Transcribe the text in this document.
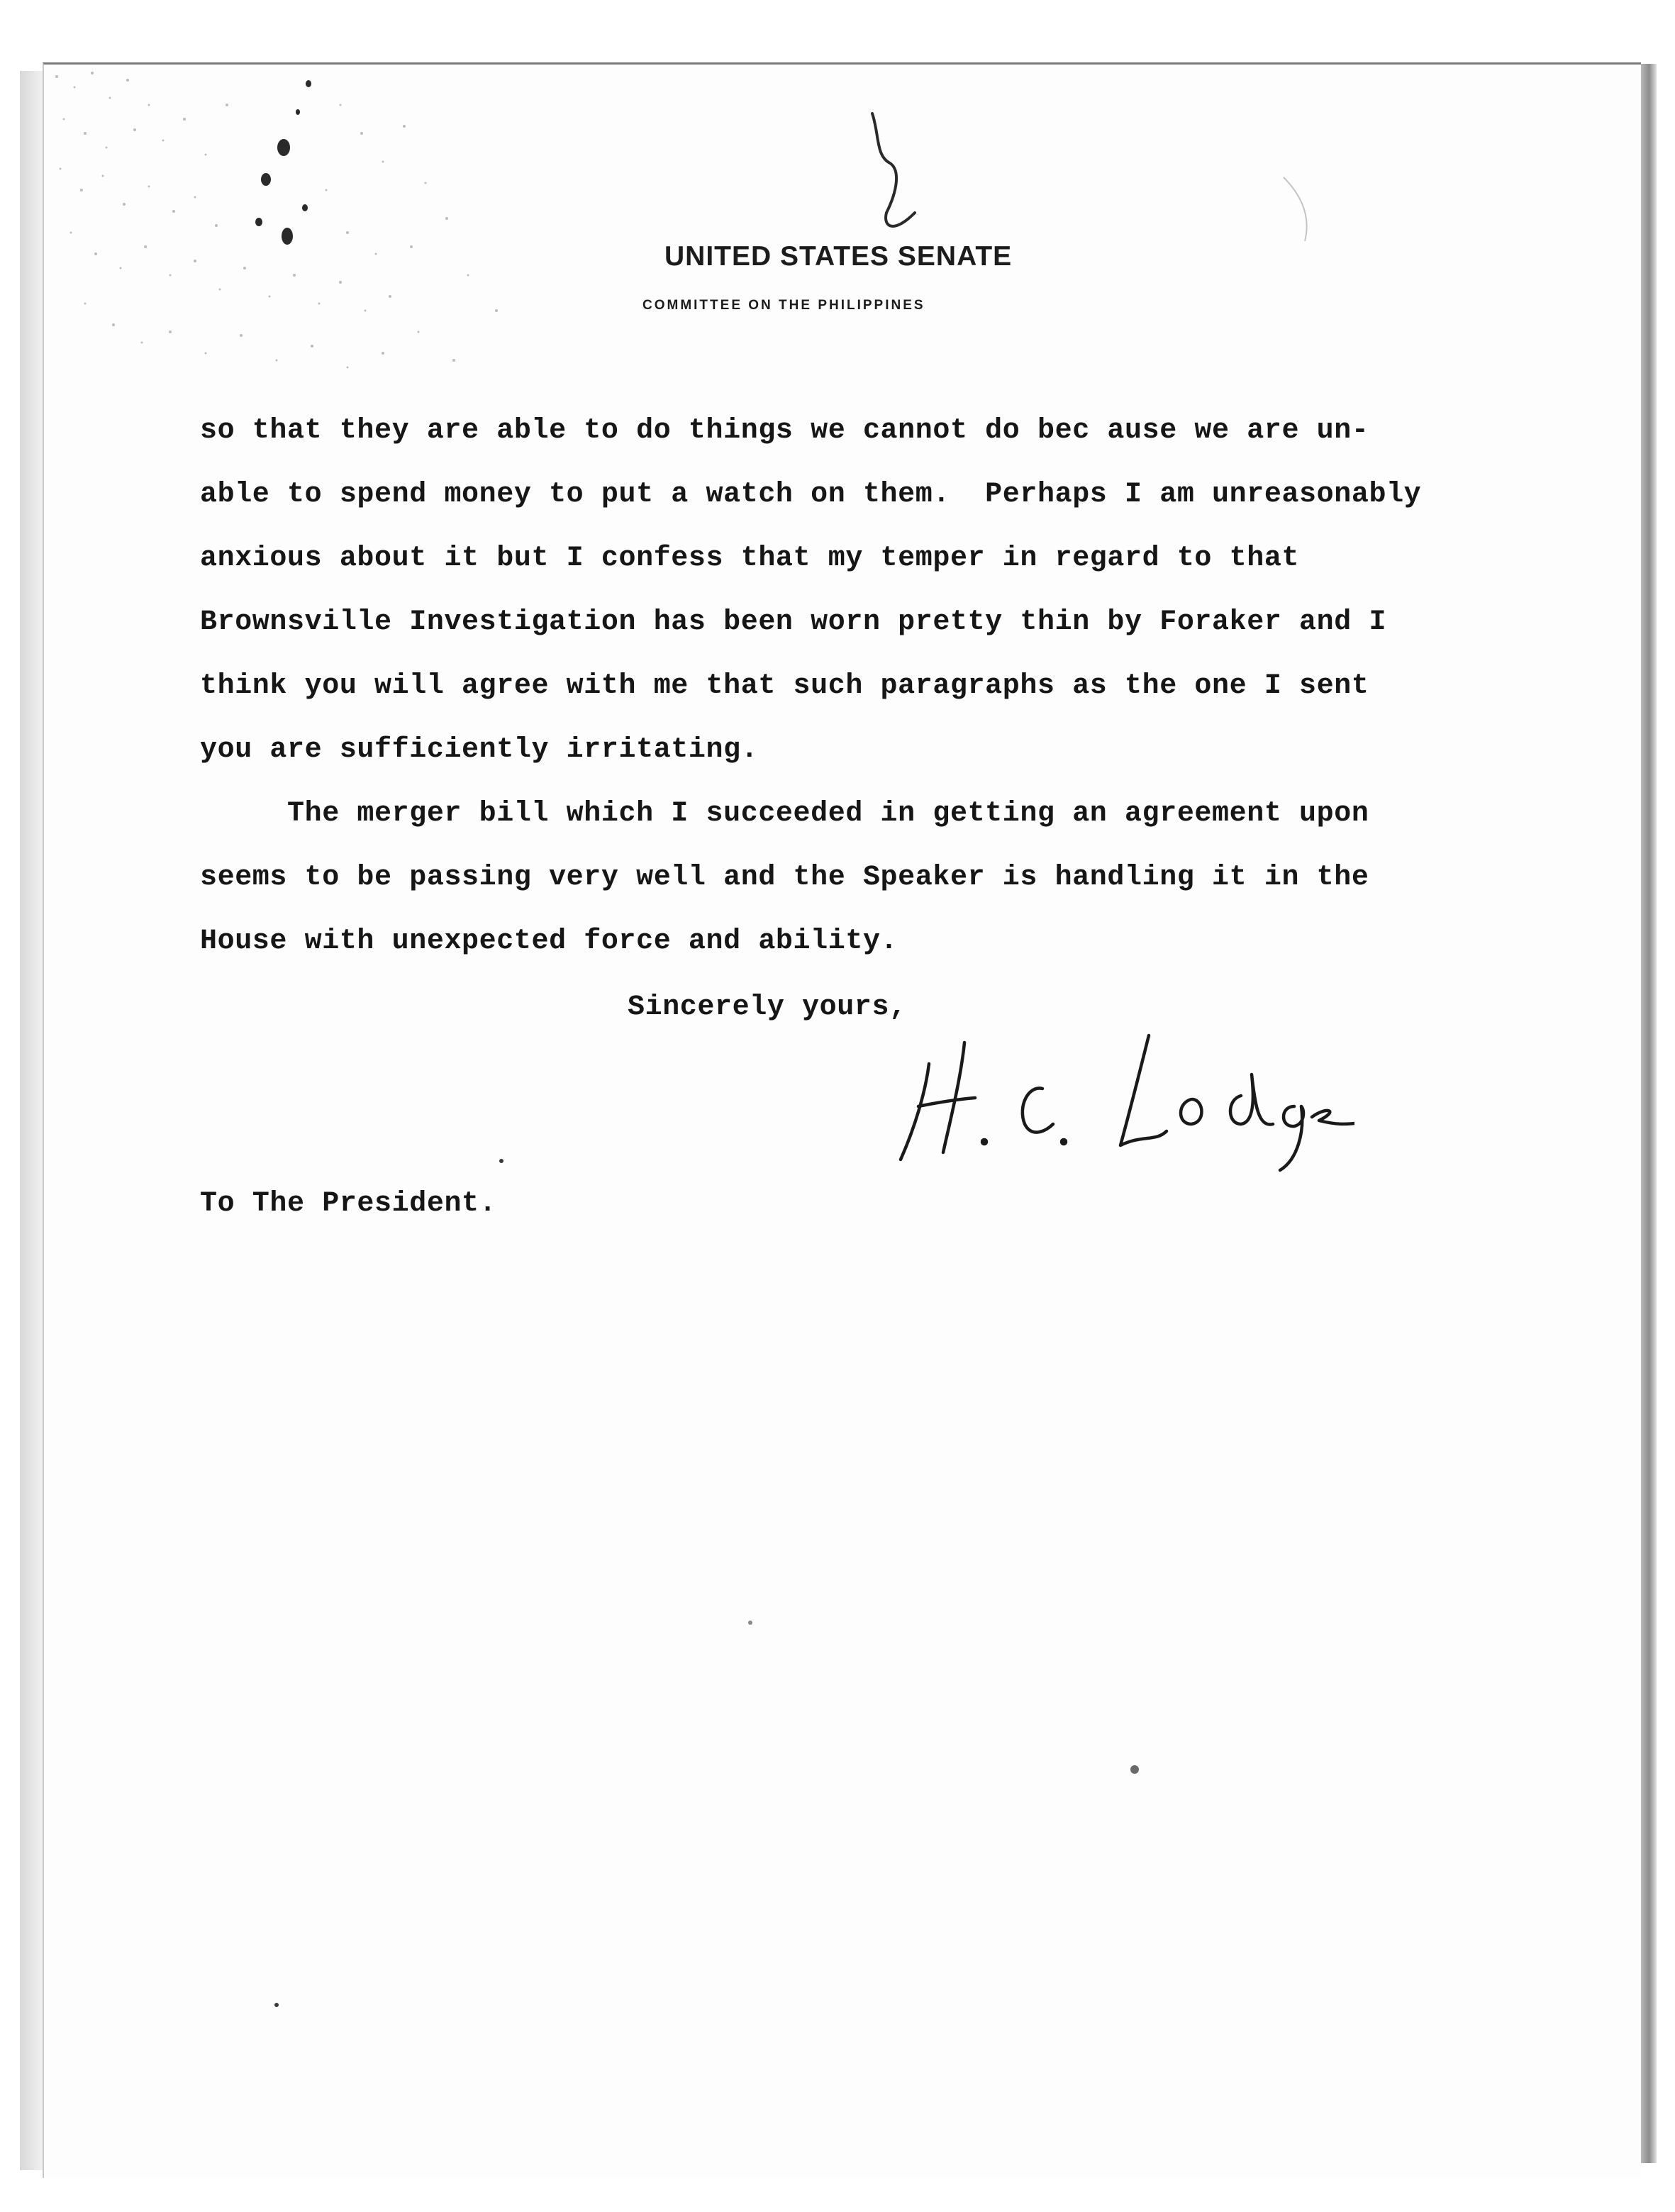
UNITED STATES SENATE
COMMITTEE ON THE PHILIPPINES
so that they are able to do things we cannot do bec ause we are un-
able to spend money to put a watch on them.  Perhaps I am unreasonably
anxious about it but I confess that my temper in regard to that
Brownsville Investigation has been worn pretty thin by Foraker and I
think you will agree with me that such paragraphs as the one I sent
you are sufficiently irritating.
The merger bill which I succeeded in getting an agreement upon
seems to be passing very well and the Speaker is handling it in the
House with unexpected force and ability.
Sincerely yours,
To The President.
